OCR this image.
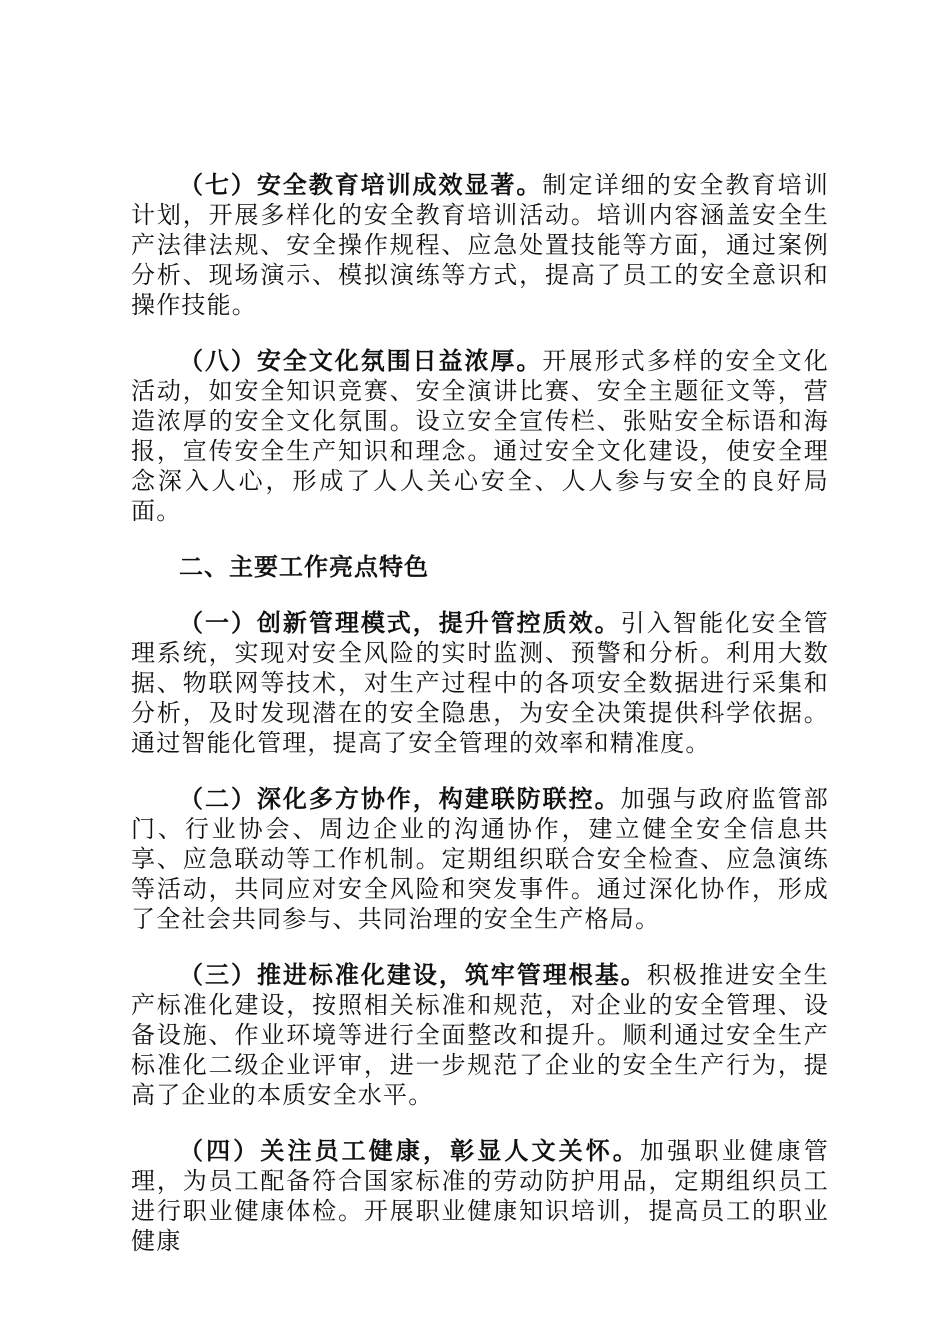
（七）安全教育培训成效显著。制定详细的安全教育培训计划，开展多样化的安全教育培训活动。培训内容涵盖安全生产法律法规、安全操作规程、应急处置技能等方面，通过案例分析、现场演示、模拟演练等方式，提高了员工的安全意识和操作技能。

（八）安全文化氛围日益浓厚。开展形式多样的安全文化活动，如安全知识竞赛、安全演讲比赛、安全主题征文等，营造浓厚的安全文化氛围。设立安全宣传栏、张贴安全标语和海报，宣传安全生产知识和理念。通过安全文化建设，使安全理念深入人心，形成了人人关心安全、人人参与安全的良好局面。

二、主要工作亮点特色

（一）创新管理模式，提升管控质效。引入智能化安全管理系统，实现对安全风险的实时监测、预警和分析。利用大数据、物联网等技术，对生产过程中的各项安全数据进行采集和分析，及时发现潜在的安全隐患，为安全决策提供科学依据。通过智能化管理，提高了安全管理的效率和精准度。

（二）深化多方协作，构建联防联控。加强与政府监管部门、行业协会、周边企业的沟通协作，建立健全安全信息共享、应急联动等工作机制。定期组织联合安全检查、应急演练等活动，共同应对安全风险和突发事件。通过深化协作，形成了全社会共同参与、共同治理的安全生产格局。

（三）推进标准化建设，筑牢管理根基。积极推进安全生产标准化建设，按照相关标准和规范，对企业的安全管理、设备设施、作业环境等进行全面整改和提升。顺利通过安全生产标准化二级企业评审，进一步规范了企业的安全生产行为，提高了企业的本质安全水平。

（四）关注员工健康，彰显人文关怀。加强职业健康管理，为员工配备符合国家标准的劳动防护用品，定期组织员工进行职业健康体检。开展职业健康知识培训，提高员工的职业健康
